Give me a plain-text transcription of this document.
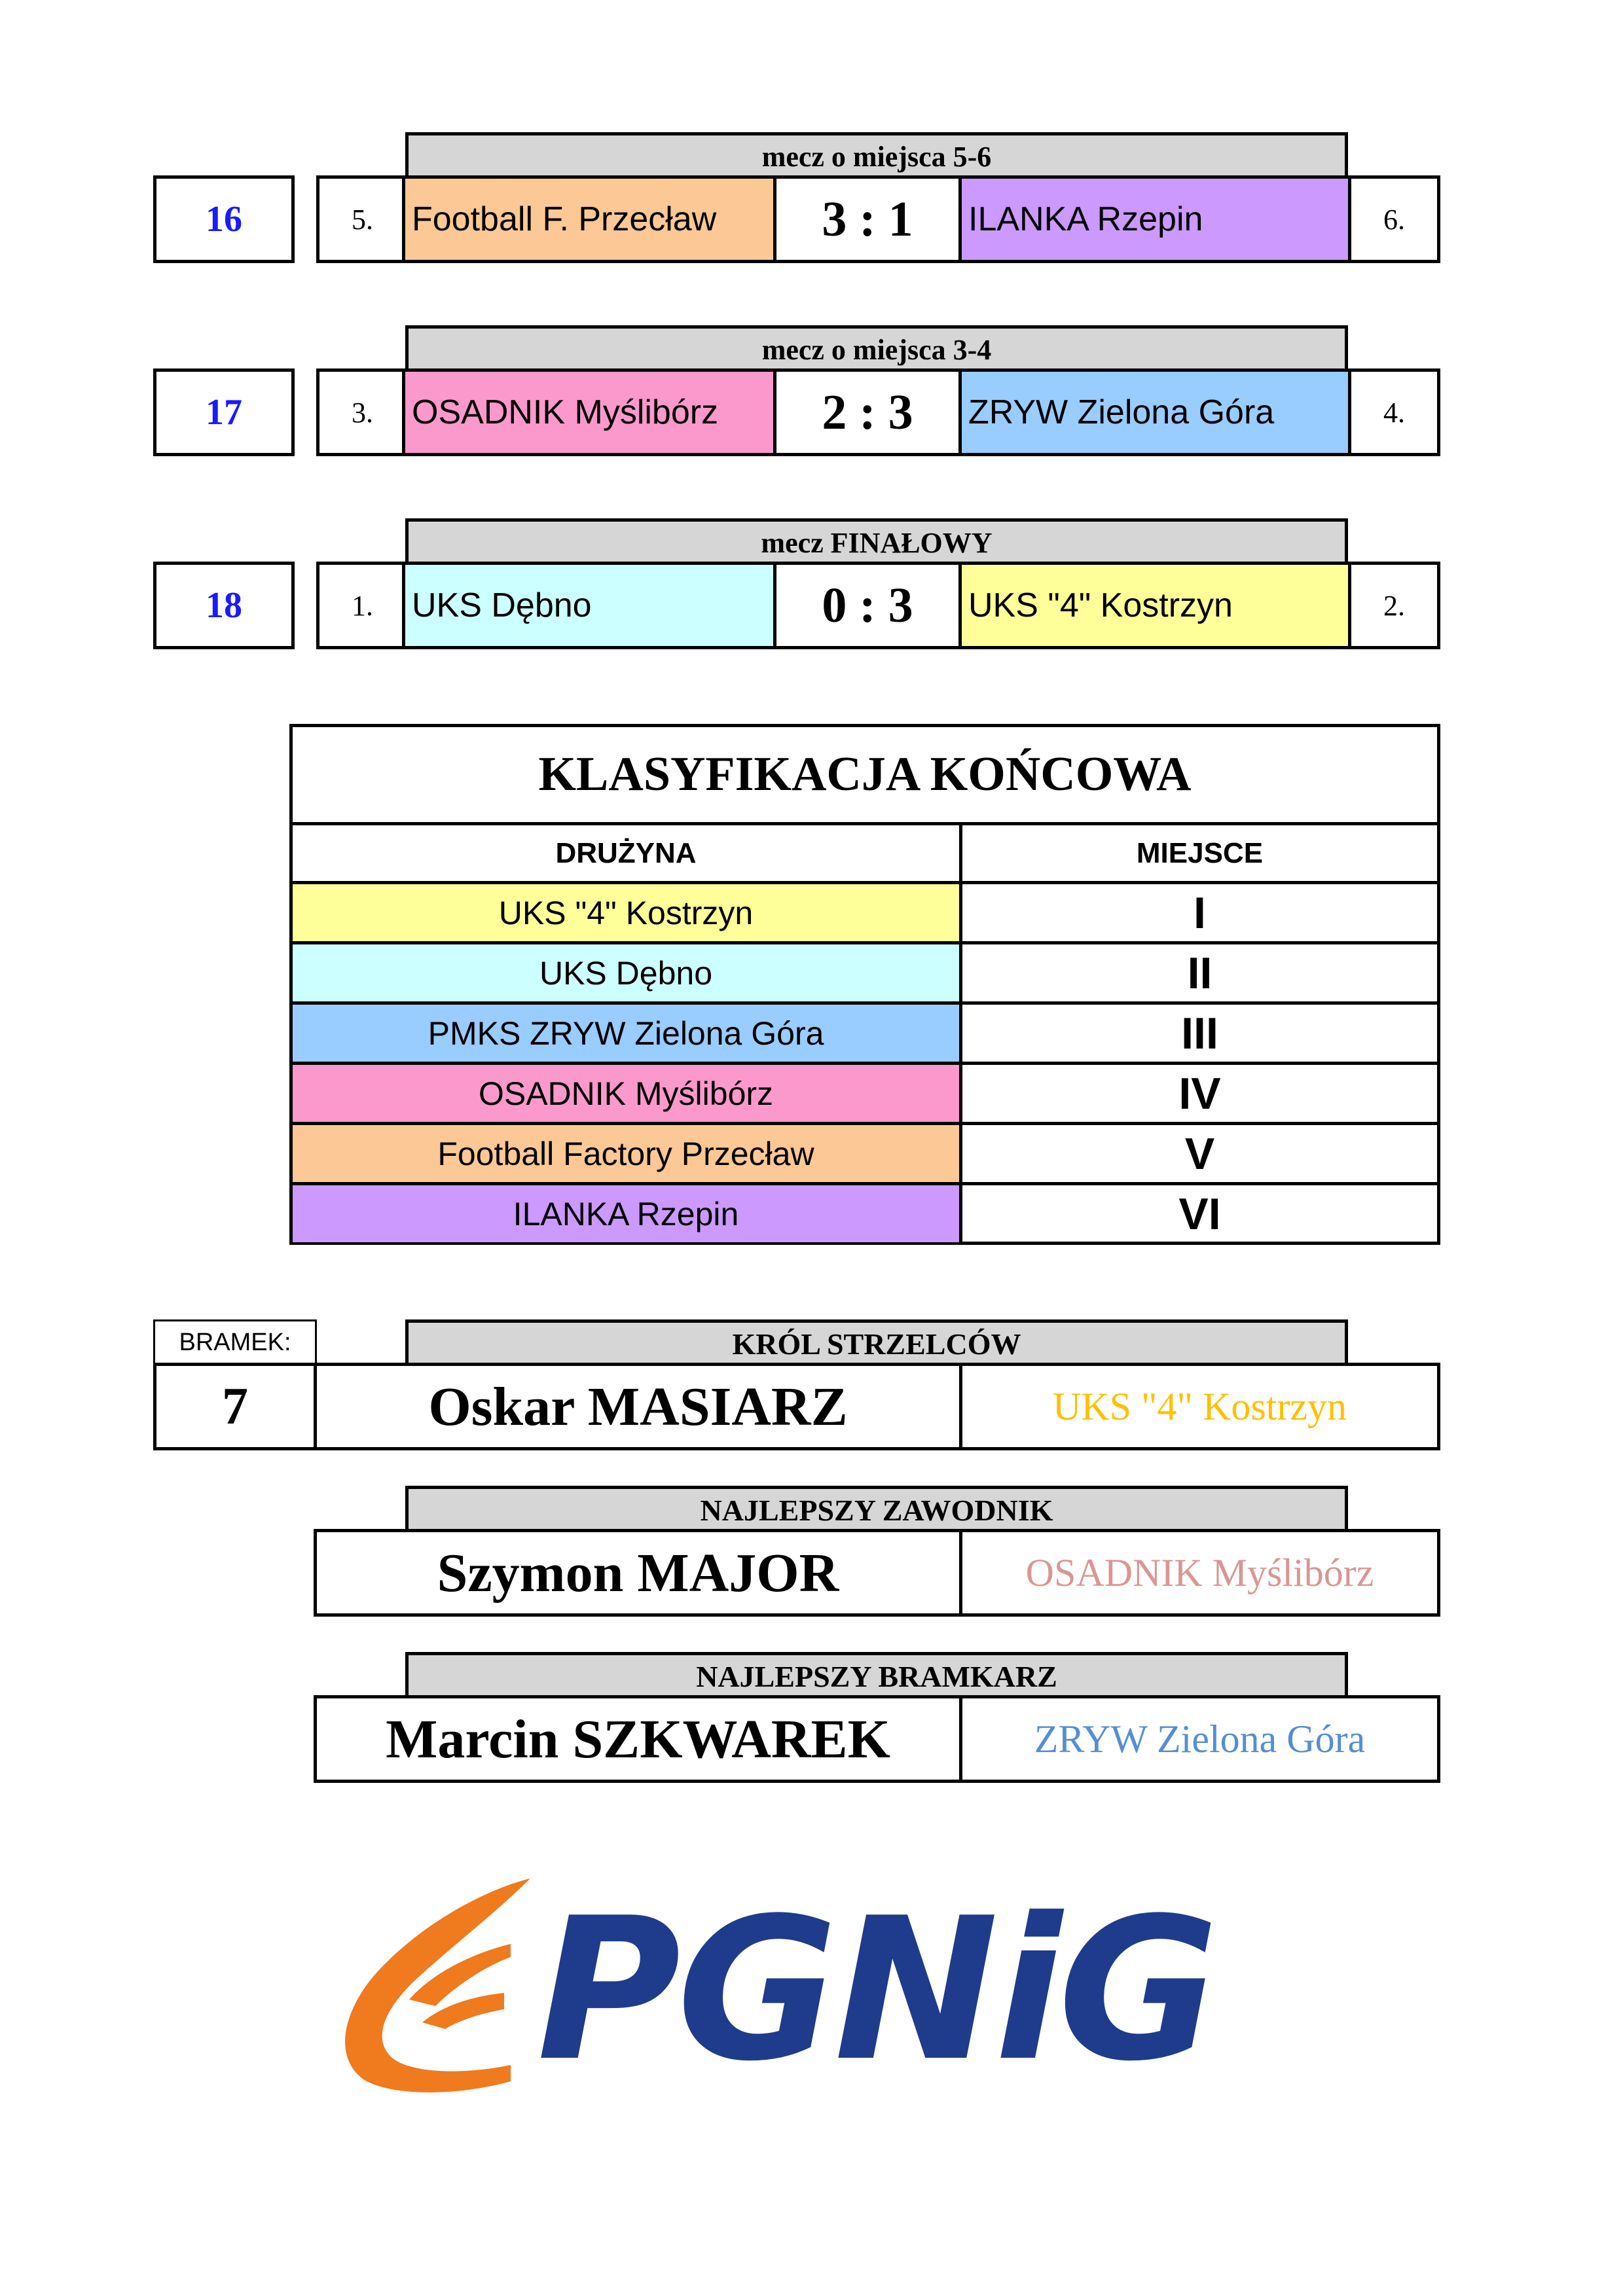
mecz o miejsca 5-6
16	5.	Football F. Przecław	3 : 1	ILANKA Rzepin	6.
mecz o miejsca 3-4
17	3.	OSADNIK Myślibórz	2 : 3	ZRYW Zielona Góra	4.
mecz FINAŁOWY
18	1.	UKS Dębno	0 : 3	UKS "4" Kostrzyn	2.
KLASYFIKACJA KOŃCOWA
DRUŻYNA	MIEJSCE
UKS "4" Kostrzyn	I
UKS Dębno	II
PMKS ZRYW Zielona Góra	III
OSADNIK Myślibórz	IV
Football Factory Przecław	V
ILANKA Rzepin	VI
BRAMEK:	KRÓL STRZELCÓW
7	Oskar MASIARZ	UKS "4" Kostrzyn
NAJLEPSZY ZAWODNIK
Szymon MAJOR	OSADNIK Myślibórz
NAJLEPSZY BRAMKARZ
Marcin SZKWAREK	ZRYW Zielona Góra
PGNiG
